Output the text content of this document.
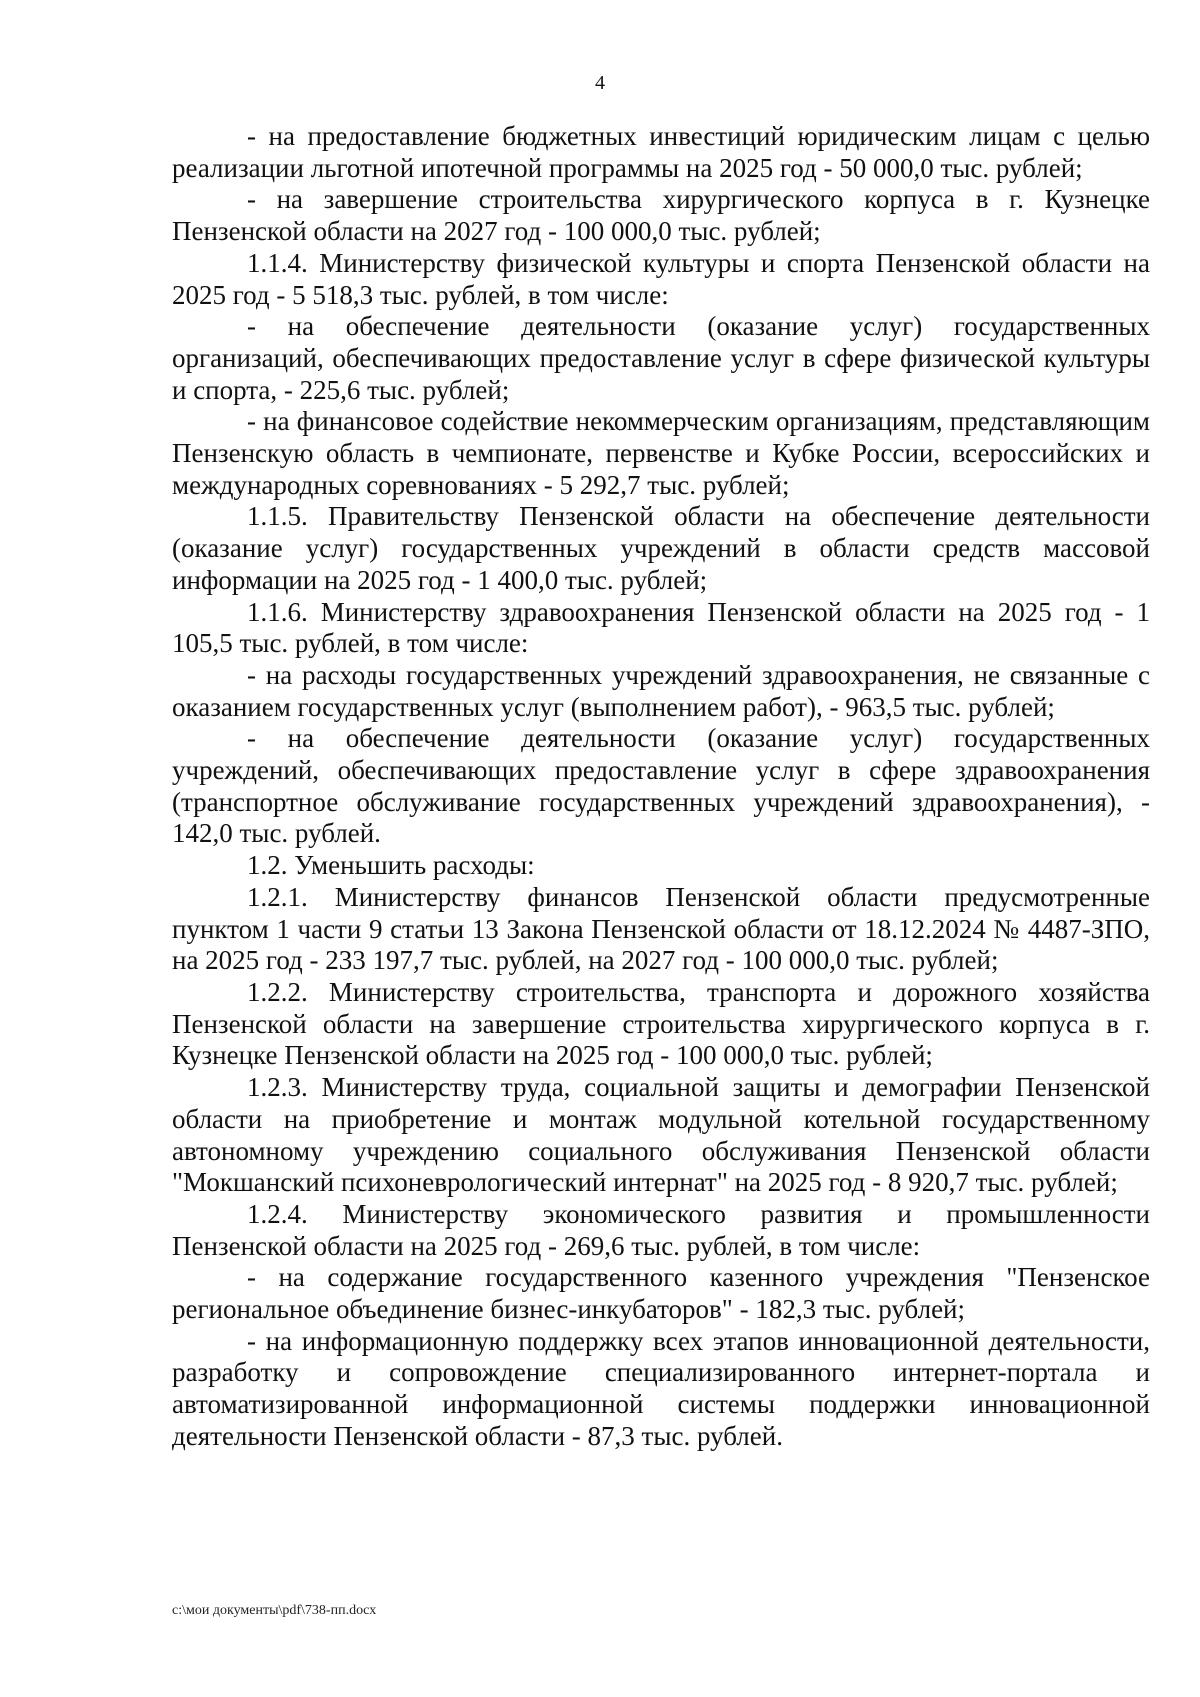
4

- на предоставление бюджетных инвестиций юридическим лицам с целью реализации льготной ипотечной программы на 2025 год - 50 000,0 тыс. рублей;

- на завершение строительства хирургического корпуса в г. Кузнецке Пензенской области на 2027 год - 100 000,0 тыс. рублей;

1.1.4. Министерству физической культуры и спорта Пензенской области на 2025 год - 5 518,3 тыс. рублей, в том числе:

- на обеспечение деятельности (оказание услуг) государственных организаций, обеспечивающих предоставление услуг в сфере физической культуры и спорта, - 225,6 тыс. рублей;

- на финансовое содействие некоммерческим организациям, представляющим Пензенскую область в чемпионате, первенстве и Кубке России, всероссийских и международных соревнованиях - 5 292,7 тыс. рублей;

1.1.5. Правительству Пензенской области на обеспечение деятельности (оказание услуг) государственных учреждений в области средств массовой информации на 2025 год - 1 400,0 тыс. рублей;

1.1.6. Министерству здравоохранения Пензенской области на 2025 год - 1 105,5 тыс. рублей, в том числе:

- на расходы государственных учреждений здравоохранения, не связанные с оказанием государственных услуг (выполнением работ), - 963,5 тыс. рублей;

- на обеспечение деятельности (оказание услуг) государственных учреждений, обеспечивающих предоставление услуг в сфере здравоохранения (транспортное обслуживание государственных учреждений здравоохранения), - 142,0 тыс. рублей.

1.2. Уменьшить расходы:

1.2.1. Министерству финансов Пензенской области предусмотренные пунктом 1 части 9 статьи 13 Закона Пензенской области от 18.12.2024 № 4487-ЗПО, на 2025 год - 233 197,7 тыс. рублей, на 2027 год - 100 000,0 тыс. рублей;

1.2.2. Министерству строительства, транспорта и дорожного хозяйства Пензенской области на завершение строительства хирургического корпуса в г. Кузнецке Пензенской области на 2025 год - 100 000,0 тыс. рублей;

1.2.3. Министерству труда, социальной защиты и демографии Пензенской области на приобретение и монтаж модульной котельной государственному автономному учреждению социального обслуживания Пензенской области "Мокшанский психоневрологический интернат" на 2025 год - 8 920,7 тыс. рублей;

1.2.4. Министерству экономического развития и промышленности Пензенской области на 2025 год - 269,6 тыс. рублей, в том числе:

- на содержание государственного казенного учреждения "Пензенское региональное объединение бизнес-инкубаторов" - 182,3 тыс. рублей;

- на информационную поддержку всех этапов инновационной деятельности, разработку и сопровождение специализированного интернет-портала и автоматизированной информационной системы поддержки инновационной деятельности Пензенской области - 87,3 тыс. рублей.

с:\мои документы\pdf\738-пп.docx
